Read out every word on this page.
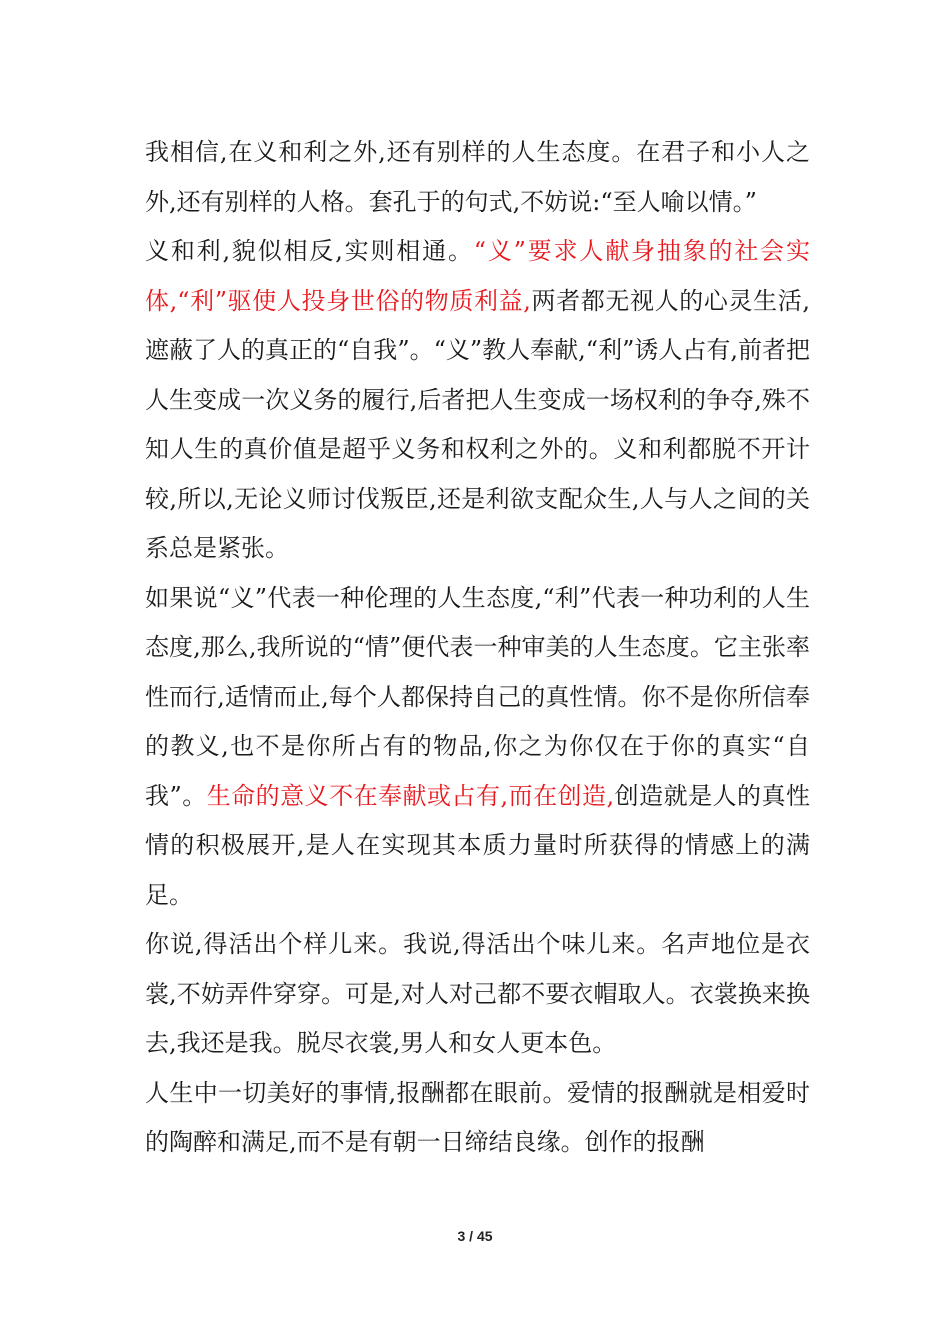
我相信,在义和利之外,还有别样的人生态度。在君子和小人之外,还有别样的人格。套孔于的句式,不妨说:“至人喻以情。”

义和利,貌似相反,实则相通。“义”要求人献身抽象的社会实体,“利”驱使人投身世俗的物质利益,两者都无视人的心灵生活,遮蔽了人的真正的“自我”。“义”教人奉献,“利”诱人占有,前者把人生变成一次义务的履行,后者把人生变成一场权利的争夺,殊不知人生的真价值是超乎义务和权利之外的。义和利都脱不开计较,所以,无论义师讨伐叛臣,还是利欲支配众生,人与人之间的关系总是紧张。

如果说“义”代表一种伦理的人生态度,“利”代表一种功利的人生态度,那么,我所说的“情”便代表一种审美的人生态度。它主张率性而行,适情而止,每个人都保持自己的真性情。你不是你所信奉的教义,也不是你所占有的物品,你之为你仅在于你的真实“自我”。生命的意义不在奉献或占有,而在创造,创造就是人的真性情的积极展开,是人在实现其本质力量时所获得的情感上的满足。

你说,得活出个样儿来。我说,得活出个味儿来。名声地位是衣裳,不妨弄件穿穿。可是,对人对己都不要衣帽取人。衣裳换来换去,我还是我。脱尽衣裳,男人和女人更本色。

人生中一切美好的事情,报酬都在眼前。爱情的报酬就是相爱时的陶醉和满足,而不是有朝一日缔结良缘。创作的报酬

3 / 45
